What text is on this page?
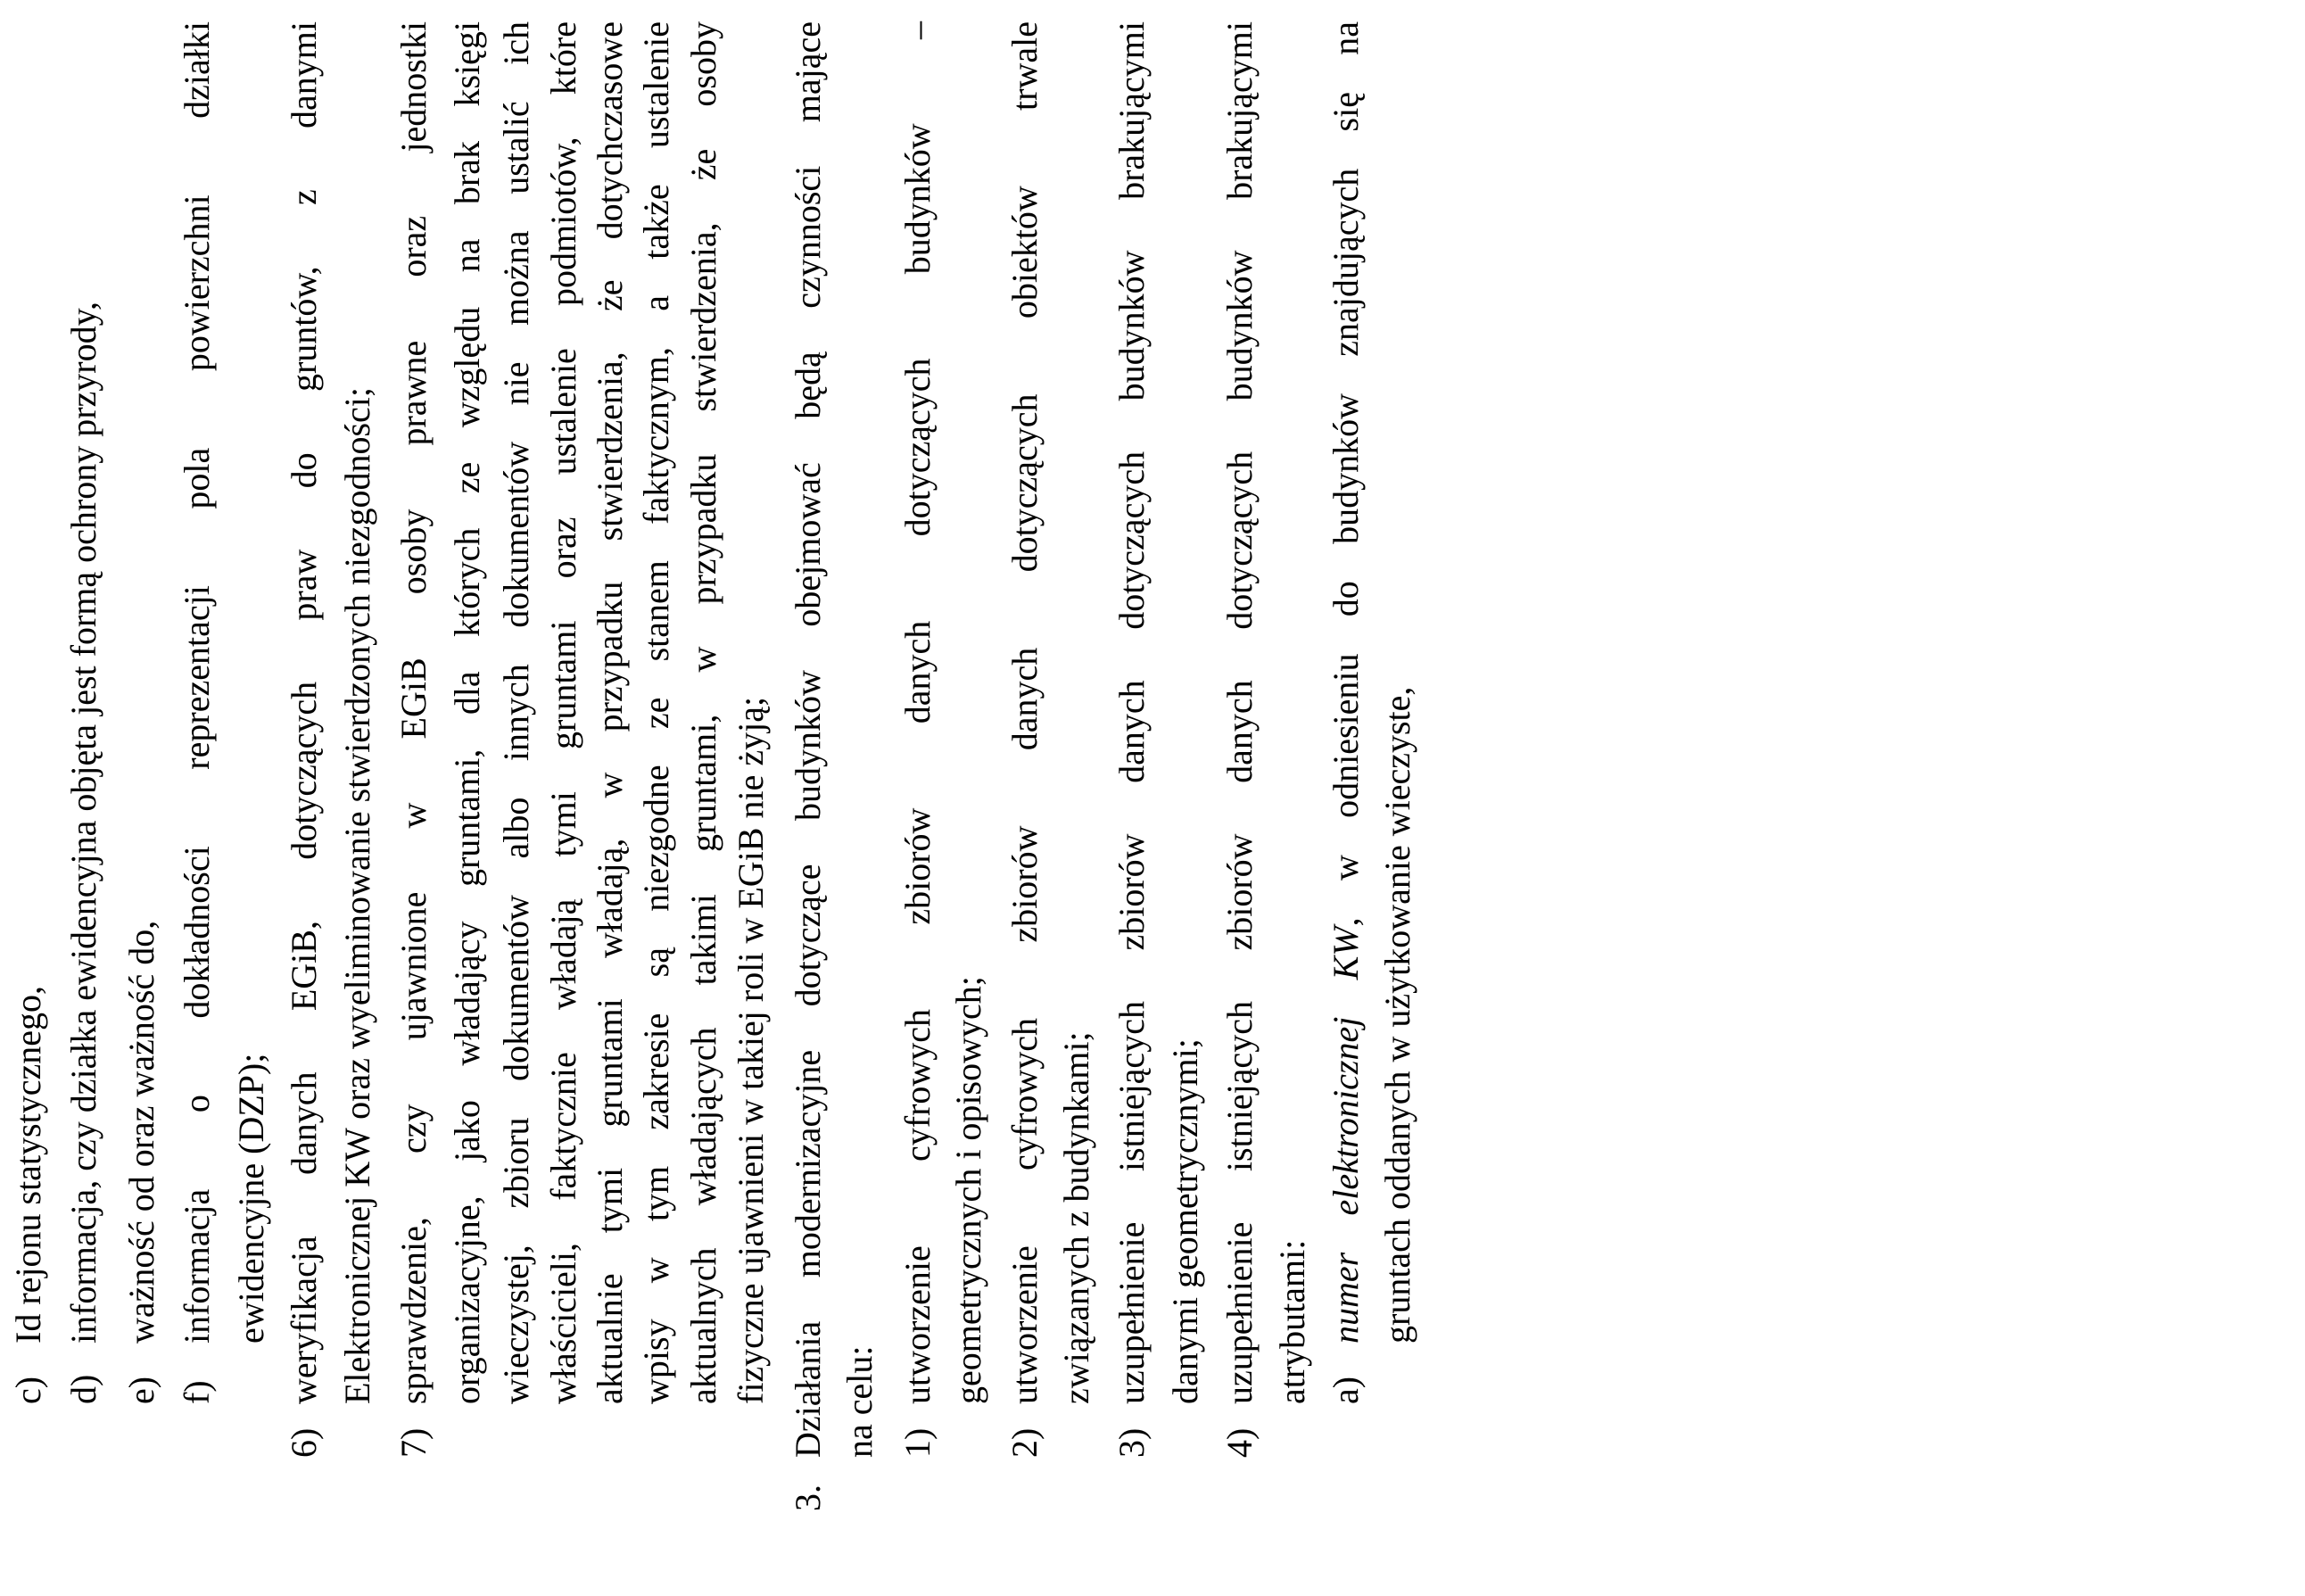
c)
Id rejonu statystycznego,
d)
informacja, czy działka ewidencyjna objęta jest formą ochrony przyrody,
e)
ważność od oraz ważność do,
f)
informacja o dokładności reprezentacji pola powierzchni działki ewidencyjne (DZP);
6)
weryfikacja danych EGiB, dotyczących praw do gruntów, z danymi Elektronicznej KW oraz wyeliminowanie stwierdzonych niezgodności;
7)
sprawdzenie, czy ujawnione w EGiB osoby prawne oraz jednostki organizacyjne, jako władający gruntami, dla których ze względu na brak księgi wieczystej, zbioru dokumentów albo innych dokumentów nie można ustalić ich właścicieli, faktycznie władają tymi gruntami oraz ustalenie podmiotów, które aktualnie tymi gruntami władają, w przypadku stwierdzenia, że dotychczasowe wpisy w tym zakresie są niezgodne ze stanem faktycznym, a także ustalenie aktualnych władających takimi gruntami, w przypadku stwierdzenia, że osoby fizyczne ujawnieni w takiej roli w EGiB nie żyją;
3.
Działania modernizacyjne dotyczące budynków obejmować będą czynności mające na celu: 1)
utworzenie cyfrowych zbiorów danych dotyczących budynków – geometrycznych i opisowych;
2)
utworzenie cyfrowych zbiorów danych dotyczących obiektów trwale związanych z budynkami;
3)
uzupełnienie istniejących zbiorów danych dotyczących budynków brakującymi danymi geometrycznymi;
4)
uzupełnienie istniejących zbiorów danych dotyczących budynków brakującymi atrybutami: a)
numer elektronicznej KW, w odniesieniu do budynków znajdujących się na
gruntach oddanych w użytkowanie wieczyste,
